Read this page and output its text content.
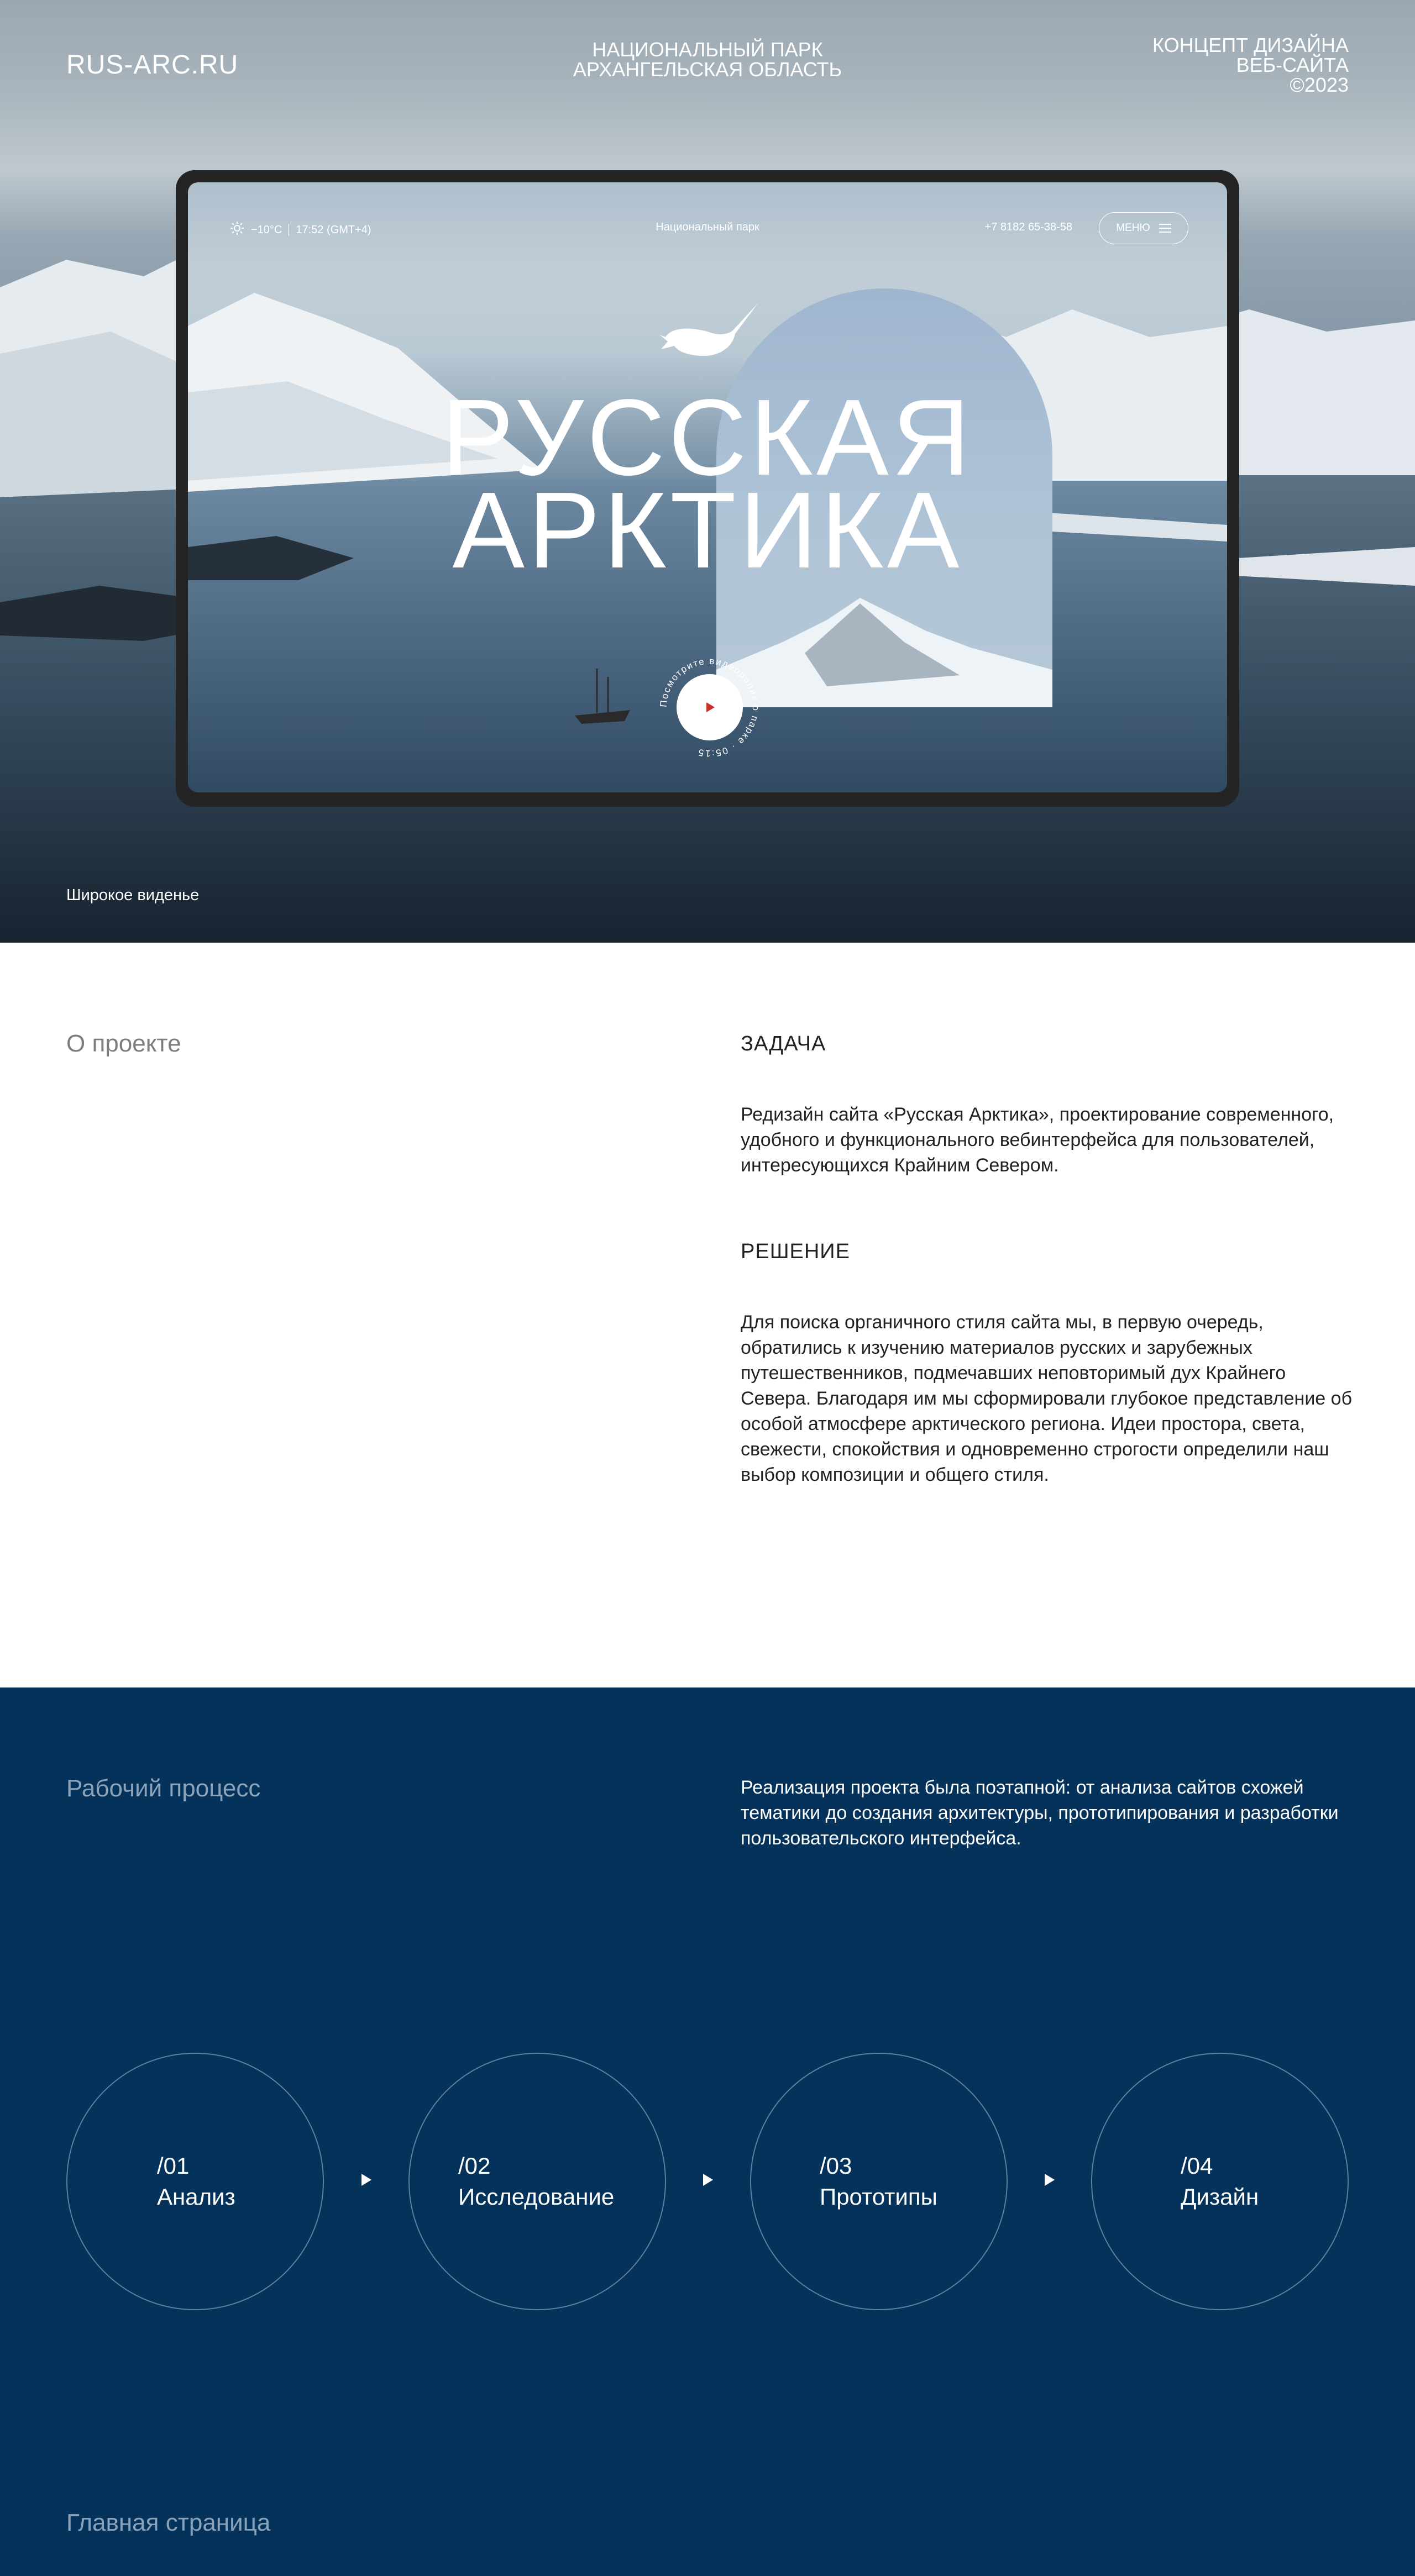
RUS-ARC.RU
НАЦИОНАЛЬНЫЙ ПАРК
АРХАНГЕЛЬСКАЯ ОБЛАСТЬ
КОНЦЕПТ ДИЗАЙНА
ВЕБ-САЙТА
©2023
−10°C 17:52 (GMT+4)	Национальный парк	+7 8182 65-38-58	МЕНЮ
РУССКАЯ
АРКТИКА
Посмотрите видеоролик о парке · 05:15
Широкое виденье
О проекте	ЗАДАЧА

Редизайн сайта «Русская Арктика», проектирование современного, удобного и функционального вебинтерфейса для пользователей, интересующихся Крайним Севером.

РЕШЕНИЕ

Для поиска органичного стиля сайта мы, в первую очередь, обратились к изучению материалов русских и зарубежных путешественников, подмечавших неповторимый дух Крайнего Севера. Благодаря им мы сформировали глубокое представление об особой атмосфере арктического региона. Идеи простора, света, свежести, спокойствия и одновременно строгости определили наш выбор композиции и общего стиля.

Рабочий процесс	Реализация проекта была поэтапной: от анализа сайтов схожей тематики до создания архитектуры, прототипирования и разработки пользовательского интерфейса.

/01
Анализ
/02
Исследование
/03
Прототипы
/04
Дизайн
Главная страница
